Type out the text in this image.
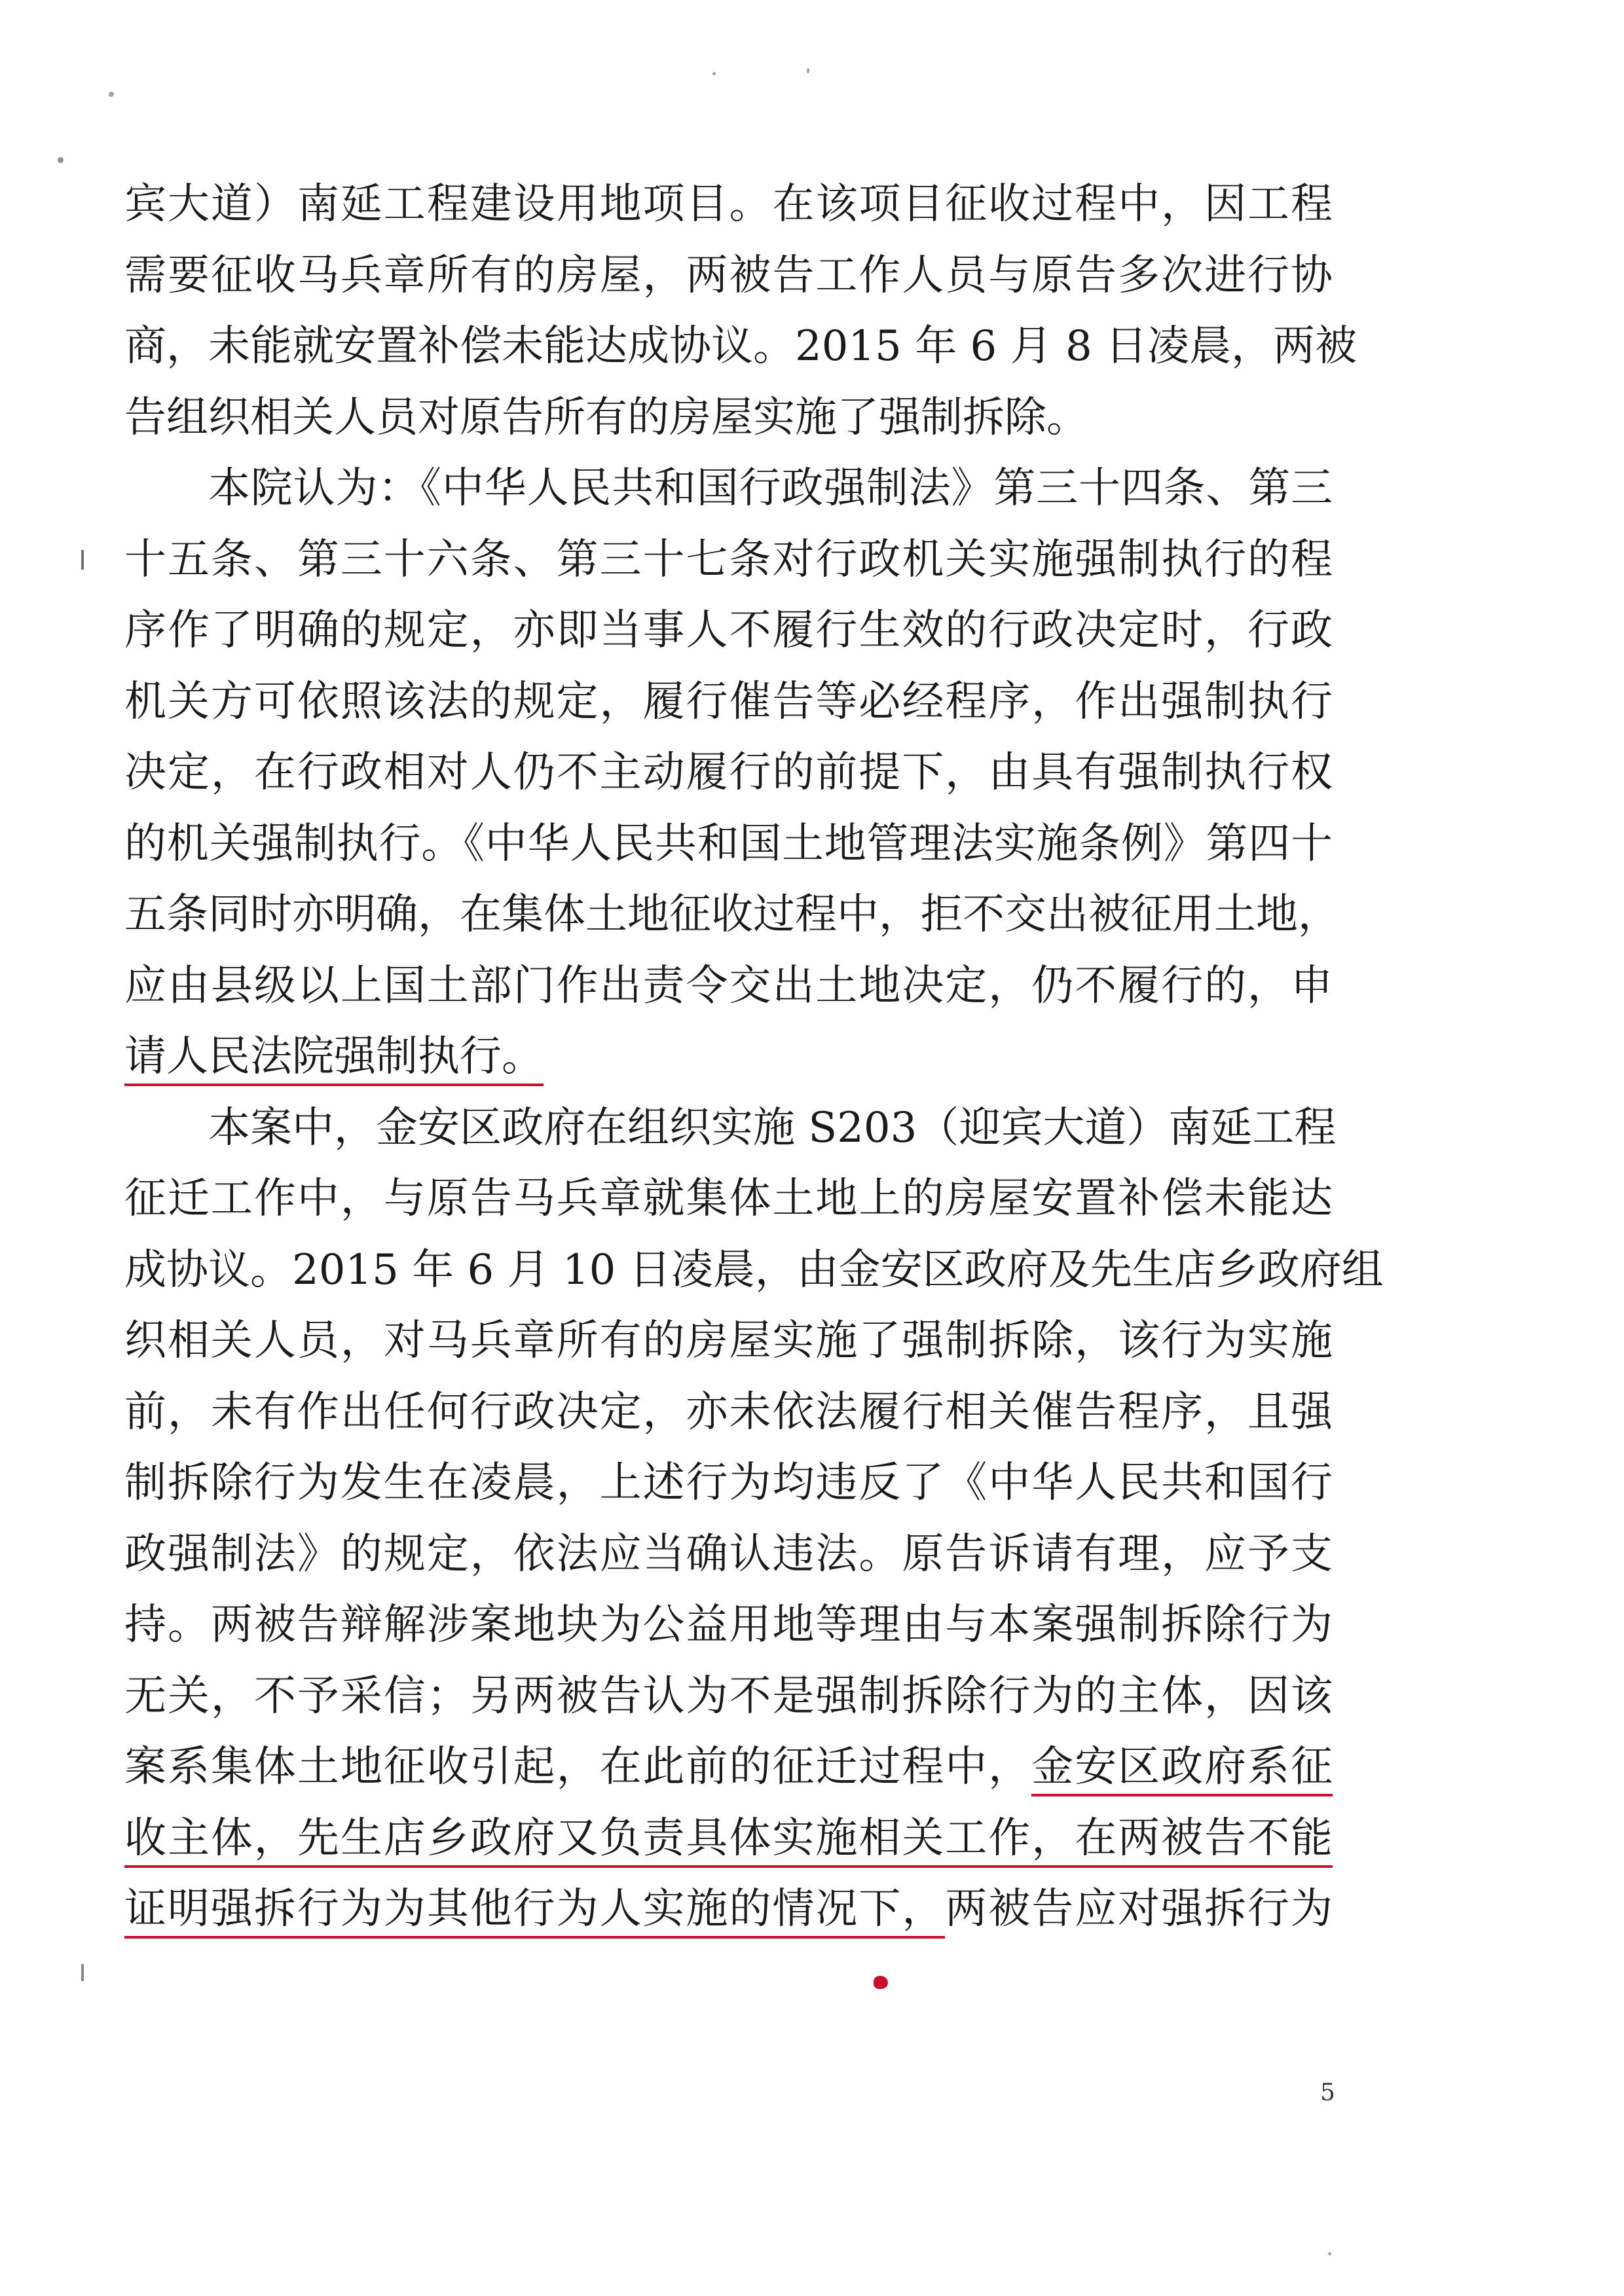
宾大道）南延工程建设用地项目。在该项目征收过程中，因工程
需要征收马兵章所有的房屋，两被告工作人员与原告多次进行协
商，未能就安置补偿未能达成协议。2015 年 6 月 8 日凌晨，两被
告组织相关人员对原告所有的房屋实施了强制拆除。
本院认为：《中华人民共和国行政强制法》第三十四条、第三
十五条、第三十六条、第三十七条对行政机关实施强制执行的程
序作了明确的规定，亦即当事人不履行生效的行政决定时，行政
机关方可依照该法的规定，履行催告等必经程序，作出强制执行
决定，在行政相对人仍不主动履行的前提下，由具有强制执行权
的机关强制执行。《中华人民共和国土地管理法实施条例》第四十
五条同时亦明确，在集体土地征收过程中，拒不交出被征用土地，
应由县级以上国土部门作出责令交出土地决定，仍不履行的，申
请人民法院强制执行。
本案中，金安区政府在组织实施 S203（迎宾大道）南延工程
征迁工作中，与原告马兵章就集体土地上的房屋安置补偿未能达
成协议。2015 年 6 月 10 日凌晨，由金安区政府及先生店乡政府组
织相关人员，对马兵章所有的房屋实施了强制拆除，该行为实施
前，未有作出任何行政决定，亦未依法履行相关催告程序，且强
制拆除行为发生在凌晨，上述行为均违反了《中华人民共和国行
政强制法》的规定，依法应当确认违法。原告诉请有理，应予支
持。两被告辩解涉案地块为公益用地等理由与本案强制拆除行为
无关，不予采信；另两被告认为不是强制拆除行为的主体，因该
案系集体土地征收引起，在此前的征迁过程中，金安区政府系征
收主体，先生店乡政府又负责具体实施相关工作，在两被告不能
证明强拆行为为其他行为人实施的情况下，两被告应对强拆行为
5
